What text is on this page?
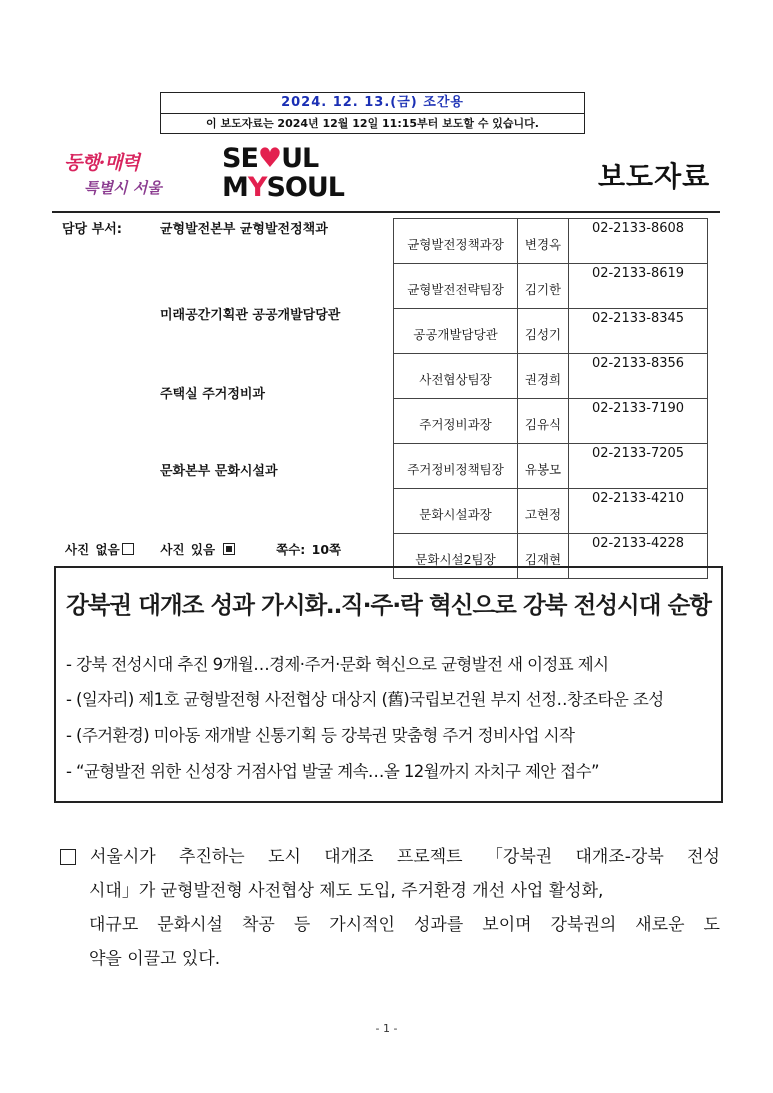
2024. 12. 13.(금) 조간용
이 보도자료는 2024년 12월 12일 11:15부터 보도할 수 있습니다.
동행·매력
특별시 서울
SE♥UL
MYSOUL	보도자료
담당 부서:	균형발전본부 균형발전정책과
미래공간기획관 공공개발담당관
주택실 주거정비과
문화본부 문화시설과
균형발전정책과장	변경옥	02-2133-8608
균형발전전략팀장	김기한	02-2133-8619
공공개발담당관	김성기	02-2133-8345
사전협상팀장	권경희	02-2133-8356
주거정비과장	김유식	02-2133-7190
주거정비정책팀장	유봉모	02-2133-7205
문화시설과장	고현정	02-2133-4210
문화시설2팀장	김재현	02-2133-4228
사진 없음	사진 있음	쪽수: 10쪽
강북권 대개조 성과 가시화‥직·주·락 혁신으로 강북 전성시대 순항
- 강북 전성시대 추진 9개월…경제·주거·문화 혁신으로 균형발전 새 이정표 제시
- (일자리) 제1호 균형발전형 사전협상 대상지 (舊)국립보건원 부지 선정‥창조타운 조성
- (주거환경) 미아동 재개발 신통기획 등 강북권 맞춤형 주거 정비사업 시작
- “균형발전 위한 신성장 거점사업 발굴 계속…올 12월까지 자치구 제안 접수”
서울시가 추진하는 도시 대개조 프로젝트 「강북권 대개조-강북 전성
시대」가 균형발전형 사전협상 제도 도입, 주거환경 개선 사업 활성화,
대규모 문화시설 착공 등 가시적인 성과를 보이며 강북권의 새로운 도
약을 이끌고 있다.
- 1 -
